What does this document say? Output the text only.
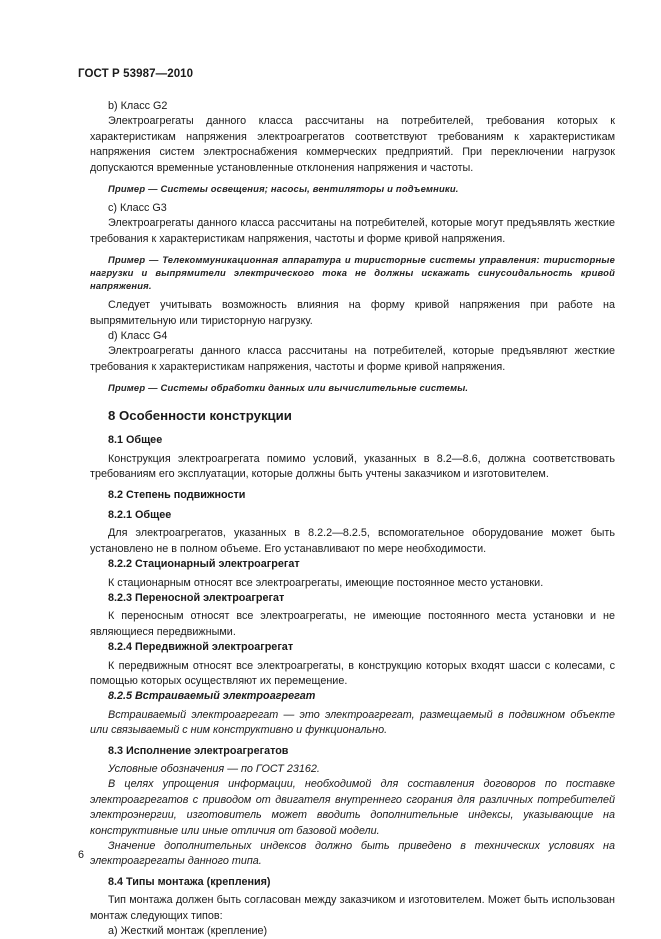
ГОСТ Р 53987—2010

b) Класс G2

Электроагрегаты данного класса рассчитаны на потребителей, требования которых к характеристикам напряжения электроагрегатов соответствуют требованиям к характеристикам напряжения систем электроснабжения коммерческих предприятий. При переключении нагрузок допускаются временные установленные отклонения напряжения и частоты.

Пример — Системы освещения; насосы, вентиляторы и подъемники.

c) Класс G3

Электроагрегаты данного класса рассчитаны на потребителей, которые могут предъявлять жесткие требования к характеристикам напряжения, частоты и форме кривой напряжения.

Пример — Телекоммуникационная аппаратура и тиристорные системы управления: тиристорные нагрузки и выпрямители электрического тока не должны искажать синусоидальность кривой напряжения.

Следует учитывать возможность влияния на форму кривой напряжения при работе на выпрямительную или тиристорную нагрузку.

d) Класс G4

Электроагрегаты данного класса рассчитаны на потребителей, которые предъявляют жесткие требования к характеристикам напряжения, частоты и форме кривой напряжения.

Пример — Системы обработки данных или вычислительные системы.

8 Особенности конструкции

8.1 Общее

Конструкция электроагрегата помимо условий, указанных в 8.2—8.6, должна соответствовать требованиям его эксплуатации, которые должны быть учтены заказчиком и изготовителем.

8.2 Степень подвижности

8.2.1 Общее

Для электроагрегатов, указанных в 8.2.2—8.2.5, вспомогательное оборудование может быть установлено не в полном объеме. Его устанавливают по мере необходимости.

8.2.2 Стационарный электроагрегат

К стационарным относят все электроагрегаты, имеющие постоянное место установки.

8.2.3 Переносной электроагрегат

К переносным относят все электроагрегаты, не имеющие постоянного места установки и не являющиеся передвижными.

8.2.4 Передвижной электроагрегат

К передвижным относят все электроагрегаты, в конструкцию которых входят шасси с колесами, с помощью которых осуществляют их перемещение.

8.2.5 Встраиваемый электроагрегат

Встраиваемый электроагрегат — это электроагрегат, размещаемый в подвижном объекте или связываемый с ним конструктивно и функционально.

8.3 Исполнение электроагрегатов

Условные обозначения — по ГОСТ 23162.

В целях упрощения информации, необходимой для составления договоров по поставке электроагрегатов с приводом от двигателя внутреннего сгорания для различных потребителей электроэнергии, изготовитель может вводить дополнительные индексы, указывающие на конструктивные или иные отличия от базовой модели.

Значение дополнительных индексов должно быть приведено в технических условиях на электроагрегаты данного типа.

8.4 Типы монтажа (крепления)

Тип монтажа должен быть согласован между заказчиком и изготовителем. Может быть использован монтаж следующих типов:

a) Жесткий монтаж (крепление)

6
